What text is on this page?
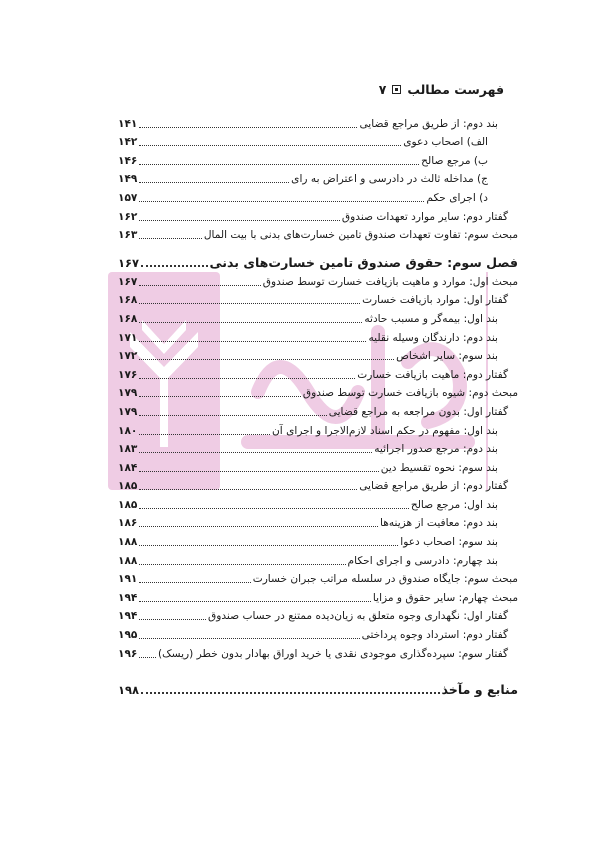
فهرست مطالب
۷
بند دوم: از طریق مراجع قضایی
۱۴۱
الف) اصحاب دعوی
۱۴۲
ب) مرجع صالح
۱۴۶
ج) مداخله ثالث در دادرسی و اعتراض به رای
۱۴۹
د) اجرای حکم
۱۵۷
گفتار دوم: سایر موارد تعهدات صندوق
۱۶۲
مبحث سوم: تفاوت تعهدات صندوق تامین خسارت‌های بدنی با بیت المال
۱۶۳
فصل سوم: حقوق صندوق تامین خسارت‌های بدنی
۱۶۷
مبحث اول: موارد و ماهیت بازیافت خسارت توسط صندوق
۱۶۷
گفتار اول: موارد بازیافت خسارت
۱۶۸
بند اول: بیمه‌گر و مسبب حادثه
۱۶۸
بند دوم: دارندگان وسیله نقلیه
۱۷۱
بند سوم: سایر اشخاص
۱۷۲
گفتار دوم: ماهیت بازیافت خسارت
۱۷۶
مبحث دوم: شیوه بازیافت خسارت توسط صندوق
۱۷۹
گفتار اول: بدون مراجعه به مراجع قضایی
۱۷۹
بند اول: مفهوم در حکم اسناد لازم‌الاجرا و اجرای آن
۱۸۰
بند دوم: مرجع صدور اجرائیه
۱۸۳
بند سوم: نحوه تقسیط دین
۱۸۴
گفتار دوم: از طریق مراجع قضایی
۱۸۵
بند اول: مرجع صالح
۱۸۵
بند دوم: معافیت از هزینه‌ها
۱۸۶
بند سوم: اصحاب دعوا
۱۸۸
بند چهارم: دادرسی و اجرای احکام
۱۸۸
مبحث سوم: جایگاه صندوق در سلسله مراتب جبران خسارت
۱۹۱
مبحث چهارم: سایر حقوق و مزایا
۱۹۴
گفتار اول: نگهداری وجوه متعلق به زیان‌دیده ممتنع در حساب صندوق
۱۹۴
گفتار دوم: استرداد وجوه پرداختی
۱۹۵
گفتار سوم: سپرده‌گذاری موجودی نقدی یا خرید اوراق بهادار بدون خطر (ریسک)
۱۹۶
منابع و مآخذ
۱۹۸
